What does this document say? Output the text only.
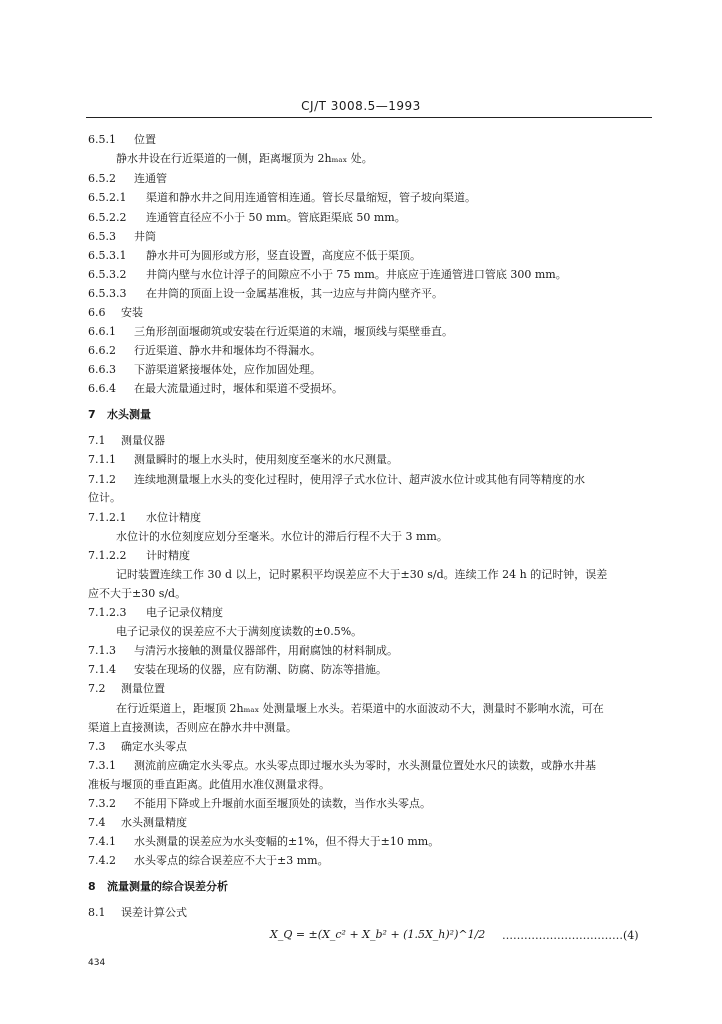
CJ/T 3008.5—1993
6.5.1 位置
静水井设在行近渠道的一侧，距离堰顶为 2hₘₐₓ 处。
6.5.2 连通管
6.5.2.1 渠道和静水井之间用连通管相连通。管长尽量缩短，管子坡向渠道。
6.5.2.2 连通管直径应不小于 50 mm。管底距渠底 50 mm。
6.5.3 井筒
6.5.3.1 静水井可为圆形或方形，竖直设置，高度应不低于渠顶。
6.5.3.2 井筒内壁与水位计浮子的间隙应不小于 75 mm。井底应于连通管进口管底 300 mm。
6.5.3.3 在井筒的顶面上设一金属基准板，其一边应与井筒内壁齐平。
6.6 安装
6.6.1 三角形剖面堰砌筑或安装在行近渠道的末端，堰顶线与渠壁垂直。
6.6.2 行近渠道、静水井和堰体均不得漏水。
6.6.3 下游渠道紧接堰体处，应作加固处理。
6.6.4 在最大流量通过时，堰体和渠道不受损坏。
7 水头测量
7.1 测量仪器
7.1.1 测量瞬时的堰上水头时，使用刻度至毫米的水尺测量。
7.1.2 连续地测量堰上水头的变化过程时，使用浮子式水位计、超声波水位计或其他有同等精度的水
位计。
7.1.2.1 水位计精度
水位计的水位刻度应划分至毫米。水位计的滞后行程不大于 3 mm。
7.1.2.2 计时精度
记时装置连续工作 30 d 以上，记时累积平均误差应不大于±30 s/d。连续工作 24 h 的记时钟，误差
应不大于±30 s/d。
7.1.2.3 电子记录仪精度
电子记录仪的误差应不大于满刻度读数的±0.5%。
7.1.3 与清污水接触的测量仪器部件，用耐腐蚀的材料制成。
7.1.4 安装在现场的仪器，应有防潮、防腐、防冻等措施。
7.2 测量位置
在行近渠道上，距堰顶 2hₘₐₓ 处测量堰上水头。若渠道中的水面波动不大，测量时不影响水流，可在
渠道上直接测读，否则应在静水井中测量。
7.3 确定水头零点
7.3.1 测流前应确定水头零点。水头零点即过堰水头为零时，水头测量位置处水尺的读数，或静水井基
准板与堰顶的垂直距离。此值用水准仪测量求得。
7.3.2 不能用下降或上升堰前水面至堰顶处的读数，当作水头零点。
7.4 水头测量精度
7.4.1 水头测量的误差应为水头变幅的±1%，但不得大于±10 mm。
7.4.2 水头零点的综合误差应不大于±3 mm。
8 流量测量的综合误差分析
8.1 误差计算公式
X_Q = ±(X_c² + X_b² + (1.5X_h)²)^1/2 ……………………………(4)
434
